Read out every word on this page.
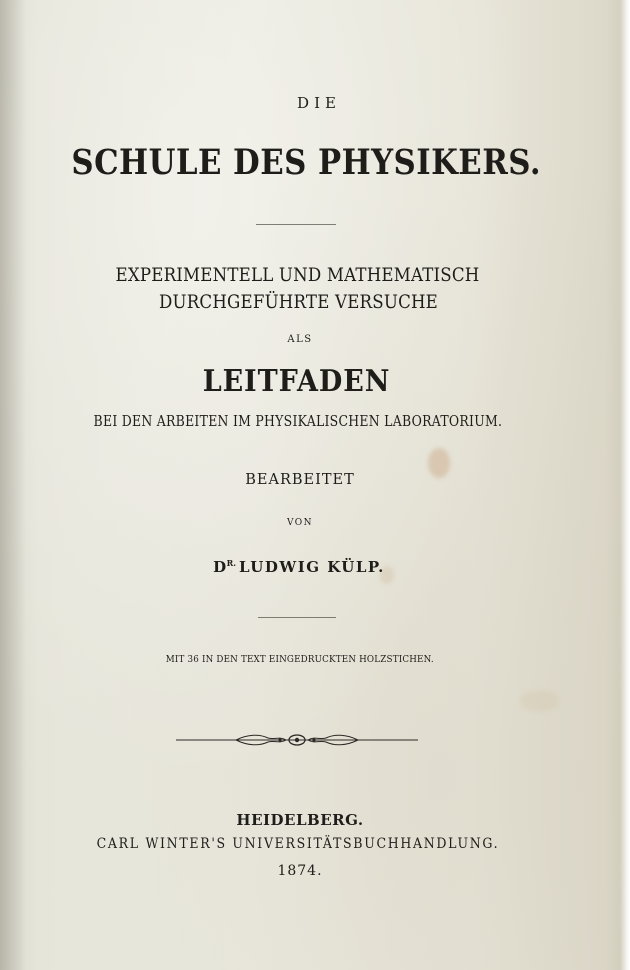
DIE
SCHULE DES PHYSIKERS.
EXPERIMENTELL UND MATHEMATISCH
DURCHGEFÜHRTE VERSUCHE
ALS
LEITFADEN
BEI DEN ARBEITEN IM PHYSIKALISCHEN LABORATORIUM.
BEARBEITET
VON
$D^{R.}$ LUDWIG KÜLP.
MIT 36 IN DEN TEXT EINGEDRUCKTEN HOLZSTICHEN.
HEIDELBERG.
CARL WINTER'S UNIVERSITÄTSBUCHHANDLUNG.
1874.
